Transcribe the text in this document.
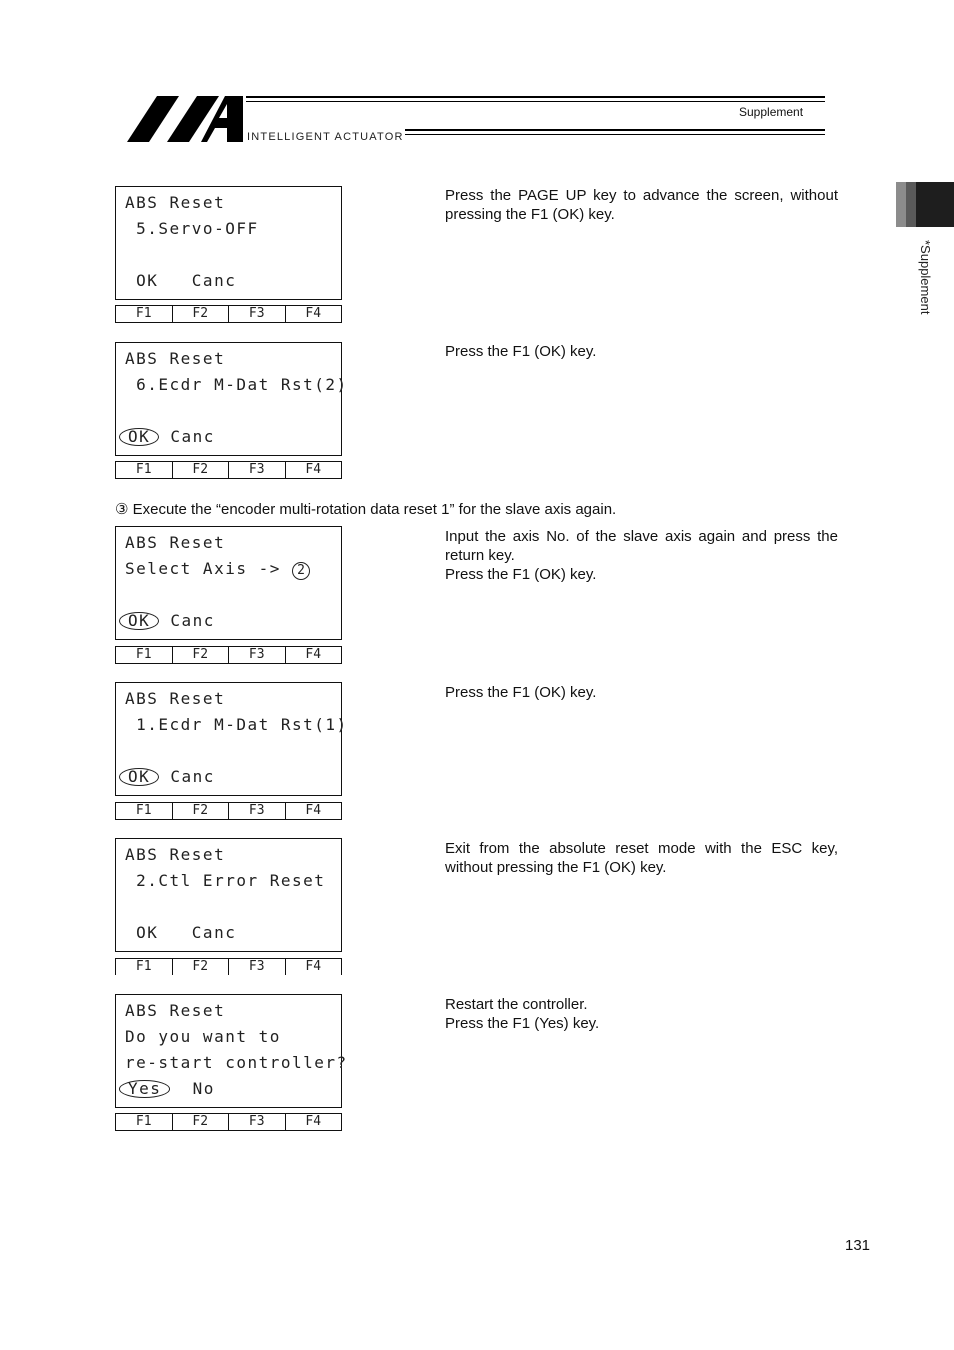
INTELLIGENT ACTUATOR
Supplement
*Supplement
ABS Reset
5.Servo-OFF
OK   Canc
F1	F2	F3	F4
Press the PAGE UP key to advance the screen, without pressing the F1 (OK) key.
ABS Reset
6.Ecdr M-Dat Rst(2)
OK Canc
F1	F2	F3	F4
Press the F1 (OK) key.
③ Execute the “encoder multi-rotation data reset 1” for the slave axis again.
ABS Reset
Select Axis -> 2
OK Canc
F1	F2	F3	F4
Input the axis No. of the slave axis again and press the return key.
Press the F1 (OK) key.
ABS Reset
1.Ecdr M-Dat Rst(1)
OK Canc
F1	F2	F3	F4
Press the F1 (OK) key.
ABS Reset
2.Ctl Error Reset
OK   Canc
F1	F2	F3	F4
Exit from the absolute reset mode with the ESC key, without pressing the F1 (OK) key.
ABS Reset
Do you want to
re-start controller?
Yes  No
F1	F2	F3	F4
Restart the controller.
Press the F1 (Yes) key.
131
